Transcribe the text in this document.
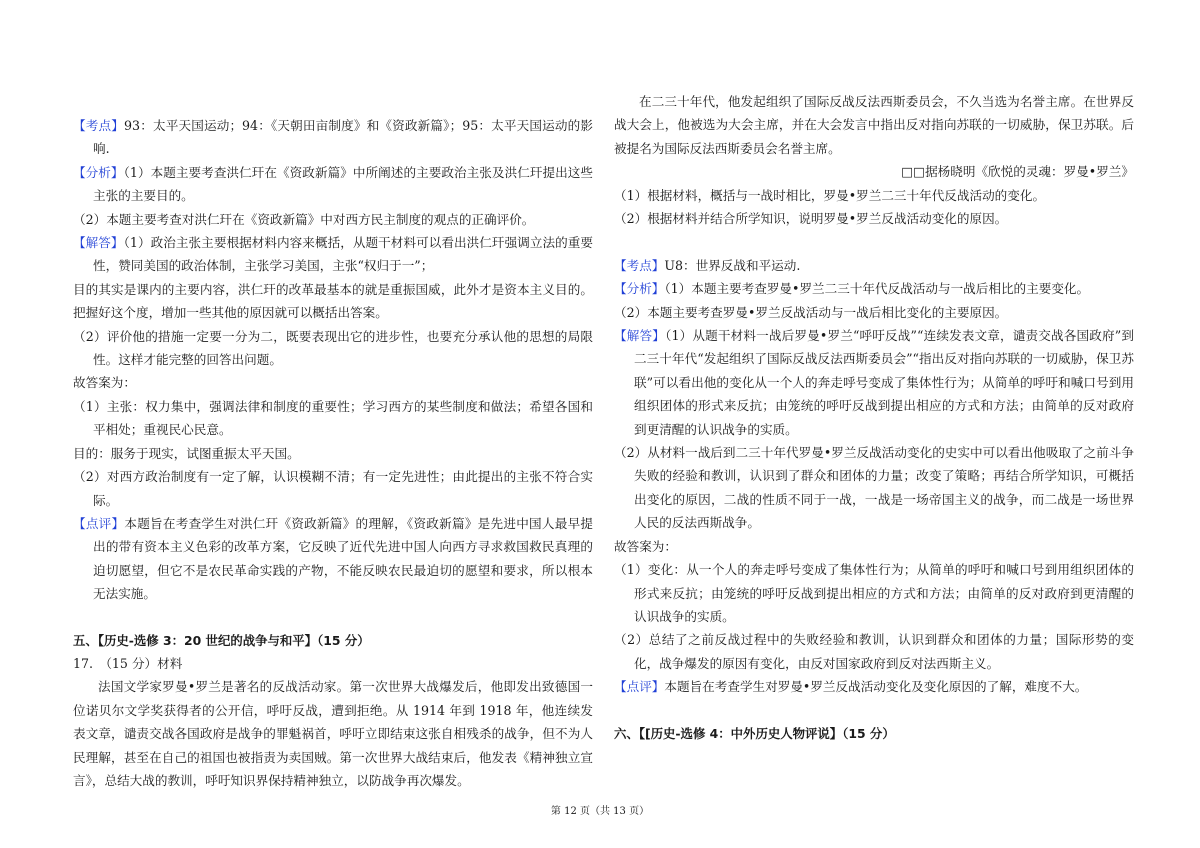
【考点】93：太平天国运动；94：《天朝田亩制度》和《资政新篇》；95：太平天国运动的影响.

【分析】（1）本题主要考查洪仁玕在《资政新篇》中所阐述的主要政治主张及洪仁玕提出这些主张的主要目的。

（2）本题主要考查对洪仁玕在《资政新篇》中对西方民主制度的观点的正确评价。

【解答】（1）政治主张主要根据材料内容来概括，从题干材料可以看出洪仁玕强调立法的重要性，赞同美国的政治体制，主张学习美国，主张“权归于一”；

目的其实是课内的主要内容，洪仁玕的改革最基本的就是重振国威，此外才是资本主义目的。把握好这个度，增加一些其他的原因就可以概括出答案。

（2）评价他的措施一定要一分为二，既要表现出它的进步性，也要充分承认他的思想的局限性。这样才能完整的回答出问题。

故答案为：

（1）主张：权力集中，强调法律和制度的重要性；学习西方的某些制度和做法；希望各国和平相处；重视民心民意。

目的：服务于现实，试图重振太平天国。

（2）对西方政治制度有一定了解，认识模糊不清；有一定先进性；由此提出的主张不符合实际。

【点评】本题旨在考查学生对洪仁玕《资政新篇》的理解，《资政新篇》是先进中国人最早提出的带有资本主义色彩的改革方案，它反映了近代先进中国人向西方寻求救国救民真理的迫切愿望，但它不是农民革命实践的产物，不能反映农民最迫切的愿望和要求，所以根本无法实施。

五、【历史-选修 3：20 世纪的战争与和平】（15 分）

17.　（15 分）材料

法国文学家罗曼•罗兰是著名的反战活动家。第一次世界大战爆发后，他即发出致德国一位诺贝尔文学奖获得者的公开信，呼吁反战，遭到拒绝。从 1914 年到 1918 年，他连续发表文章，谴责交战各国政府是战争的罪魁祸首，呼吁立即结束这张自相残杀的战争，但不为人民理解，甚至在自己的祖国也被指责为卖国贼。第一次世界大战结束后，他发表《精神独立宣言》，总结大战的教训，呼吁知识界保持精神独立，以防战争再次爆发。

在二三十年代，他发起组织了国际反战反法西斯委员会，不久当选为名誉主席。在世界反战大会上，他被选为大会主席，并在大会发言中指出反对指向苏联的一切威胁，保卫苏联。后被提名为国际反法西斯委员会名誉主席。

□□据杨晓明《欣悦的灵魂：罗曼•罗兰》

（1）根据材料，概括与一战时相比，罗曼•罗兰二三十年代反战活动的变化。

（2）根据材料并结合所学知识，说明罗曼•罗兰反战活动变化的原因。

【考点】U8：世界反战和平运动.

【分析】（1）本题主要考查罗曼•罗兰二三十年代反战活动与一战后相比的主要变化。

（2）本题主要考查罗曼•罗兰反战活动与一战后相比变化的主要原因。

【解答】（1）从题干材料一战后罗曼•罗兰“呼吁反战”“连续发表文章，谴责交战各国政府”到二三十年代“发起组织了国际反战反法西斯委员会”“指出反对指向苏联的一切威胁，保卫苏联”可以看出他的变化从一个人的奔走呼号变成了集体性行为；从简单的呼吁和喊口号到用组织团体的形式来反抗；由笼统的呼吁反战到提出相应的方式和方法；由简单的反对政府到更清醒的认识战争的实质。

（2）从材料一战后到二三十年代罗曼•罗兰反战活动变化的史实中可以看出他吸取了之前斗争失败的经验和教训，认识到了群众和团体的力量；改变了策略；再结合所学知识，可概括出变化的原因，二战的性质不同于一战，一战是一场帝国主义的战争，而二战是一场世界人民的反法西斯战争。

故答案为：

（1）变化：从一个人的奔走呼号变成了集体性行为；从简单的呼吁和喊口号到用组织团体的形式来反抗；由笼统的呼吁反战到提出相应的方式和方法；由简单的反对政府到更清醒的认识战争的实质。

（2）总结了之前反战过程中的失败经验和教训，认识到群众和团体的力量；国际形势的变化，战争爆发的原因有变化，由反对国家政府到反对法西斯主义。

【点评】本题旨在考查学生对罗曼•罗兰反战活动变化及变化原因的了解，难度不大。

六、【[历史-选修 4：中外历史人物评说】（15 分）

第 12 页（共 13 页）
